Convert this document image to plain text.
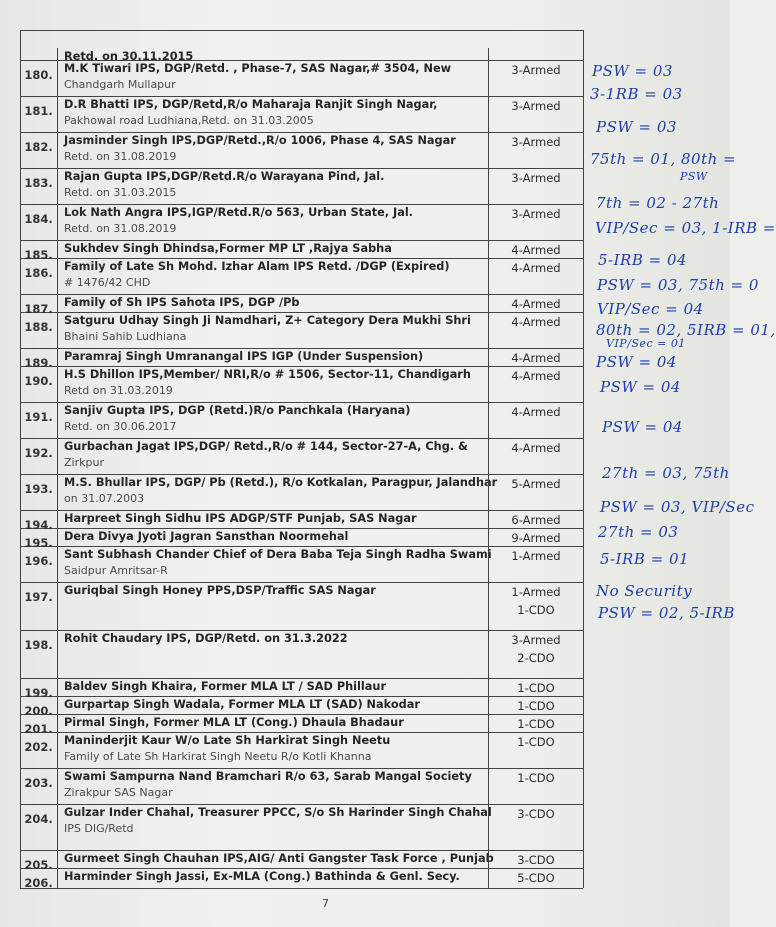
Retd. on 30.11.2015
180.	M.K Tiwari IPS, DGP/Retd. , Phase-7, SAS Nagar,# 3504, New
Chandgarh Mullapur
3-Armed
181.	D.R Bhatti IPS, DGP/Retd,R/o Maharaja Ranjit Singh Nagar,
Pakhowal road Ludhiana,Retd. on 31.03.2005
3-Armed
182.	Jasminder Singh IPS,DGP/Retd.,R/o 1006, Phase 4, SAS Nagar
Retd. on 31.08.2019
3-Armed
183.	Rajan Gupta IPS,DGP/Retd.R/o Warayana Pind, Jal.
Retd. on 31.03.2015
3-Armed
184.	Lok Nath Angra IPS,IGP/Retd.R/o 563, Urban State, Jal.
Retd. on 31.08.2019
3-Armed
185.	Sukhdev Singh Dhindsa,Former MP LT ,Rajya Sabha	4-Armed
186.	Family of Late Sh Mohd. Izhar Alam IPS Retd. /DGP (Expired)
# 1476/42 CHD
4-Armed
187.	Family of Sh IPS Sahota IPS, DGP /Pb	4-Armed
188.	Satguru Udhay Singh Ji Namdhari, Z+ Category Dera Mukhi Shri
Bhaini Sahib Ludhiana
4-Armed
189.	Paramraj Singh Umranangal IPS IGP (Under Suspension)	4-Armed
190.	H.S Dhillon IPS,Member/ NRI,R/o # 1506, Sector-11, Chandigarh
Retd on 31.03.2019
4-Armed
191.	Sanjiv Gupta IPS, DGP (Retd.)R/o Panchkala (Haryana)
Retd. on 30.06.2017
4-Armed
192.	Gurbachan Jagat IPS,DGP/ Retd.,R/o # 144, Sector-27-A, Chg. &
Zirkpur
4-Armed
193.	M.S. Bhullar IPS, DGP/ Pb (Retd.), R/o Kotkalan, Paragpur, Jalandhar
on 31.07.2003
5-Armed
194.	Harpreet Singh Sidhu IPS ADGP/STF Punjab, SAS Nagar	6-Armed
195.	Dera Divya Jyoti Jagran Sansthan Noormehal	9-Armed
196.	Sant Subhash Chander Chief of Dera Baba Teja Singh Radha Swami
Saidpur Amritsar-R
1-Armed
197.	Guriqbal Singh Honey PPS,DSP/Traffic SAS Nagar	1-Armed
1-CDO
198.	Rohit Chaudary IPS, DGP/Retd. on 31.3.2022	3-Armed
2-CDO
199.	Baldev Singh Khaira, Former MLA LT / SAD Phillaur	1-CDO
200.	Gurpartap Singh Wadala, Former MLA LT (SAD) Nakodar	1-CDO
201.	Pirmal Singh, Former MLA LT (Cong.) Dhaula Bhadaur	1-CDO
202.	Maninderjit Kaur W/o Late Sh Harkirat Singh Neetu
Family of Late Sh Harkirat Singh Neetu R/o Kotli Khanna
1-CDO
203.	Swami Sampurna Nand Bramchari R/o 63, Sarab Mangal Society
Zirakpur SAS Nagar
1-CDO
204.	Gulzar Inder Chahal, Treasurer PPCC, S/o Sh Harinder Singh Chahal
IPS DIG/Retd
3-CDO
205.	Gurmeet Singh Chauhan IPS,AIG/ Anti Gangster Task Force , Punjab	3-CDO
206.	Harminder Singh Jassi, Ex-MLA (Cong.) Bathinda & Genl. Secy.	5-CDO
PSW = 03
3-1RB = 03
PSW = 03
75th = 01, 80th =
PSW
7th = 02 - 27th
VIP/Sec = 03, 1-IRB =
5-IRB = 04
PSW = 03, 75th = 0
VIP/Sec = 04
80th = 02, 5IRB = 01,
VIP/Sec = 01
PSW = 04
PSW = 04
PSW = 04
27th = 03, 75th
PSW = 03, VIP/Sec
27th = 03
5-IRB = 01
No Security
PSW = 02, 5-IRB
7
